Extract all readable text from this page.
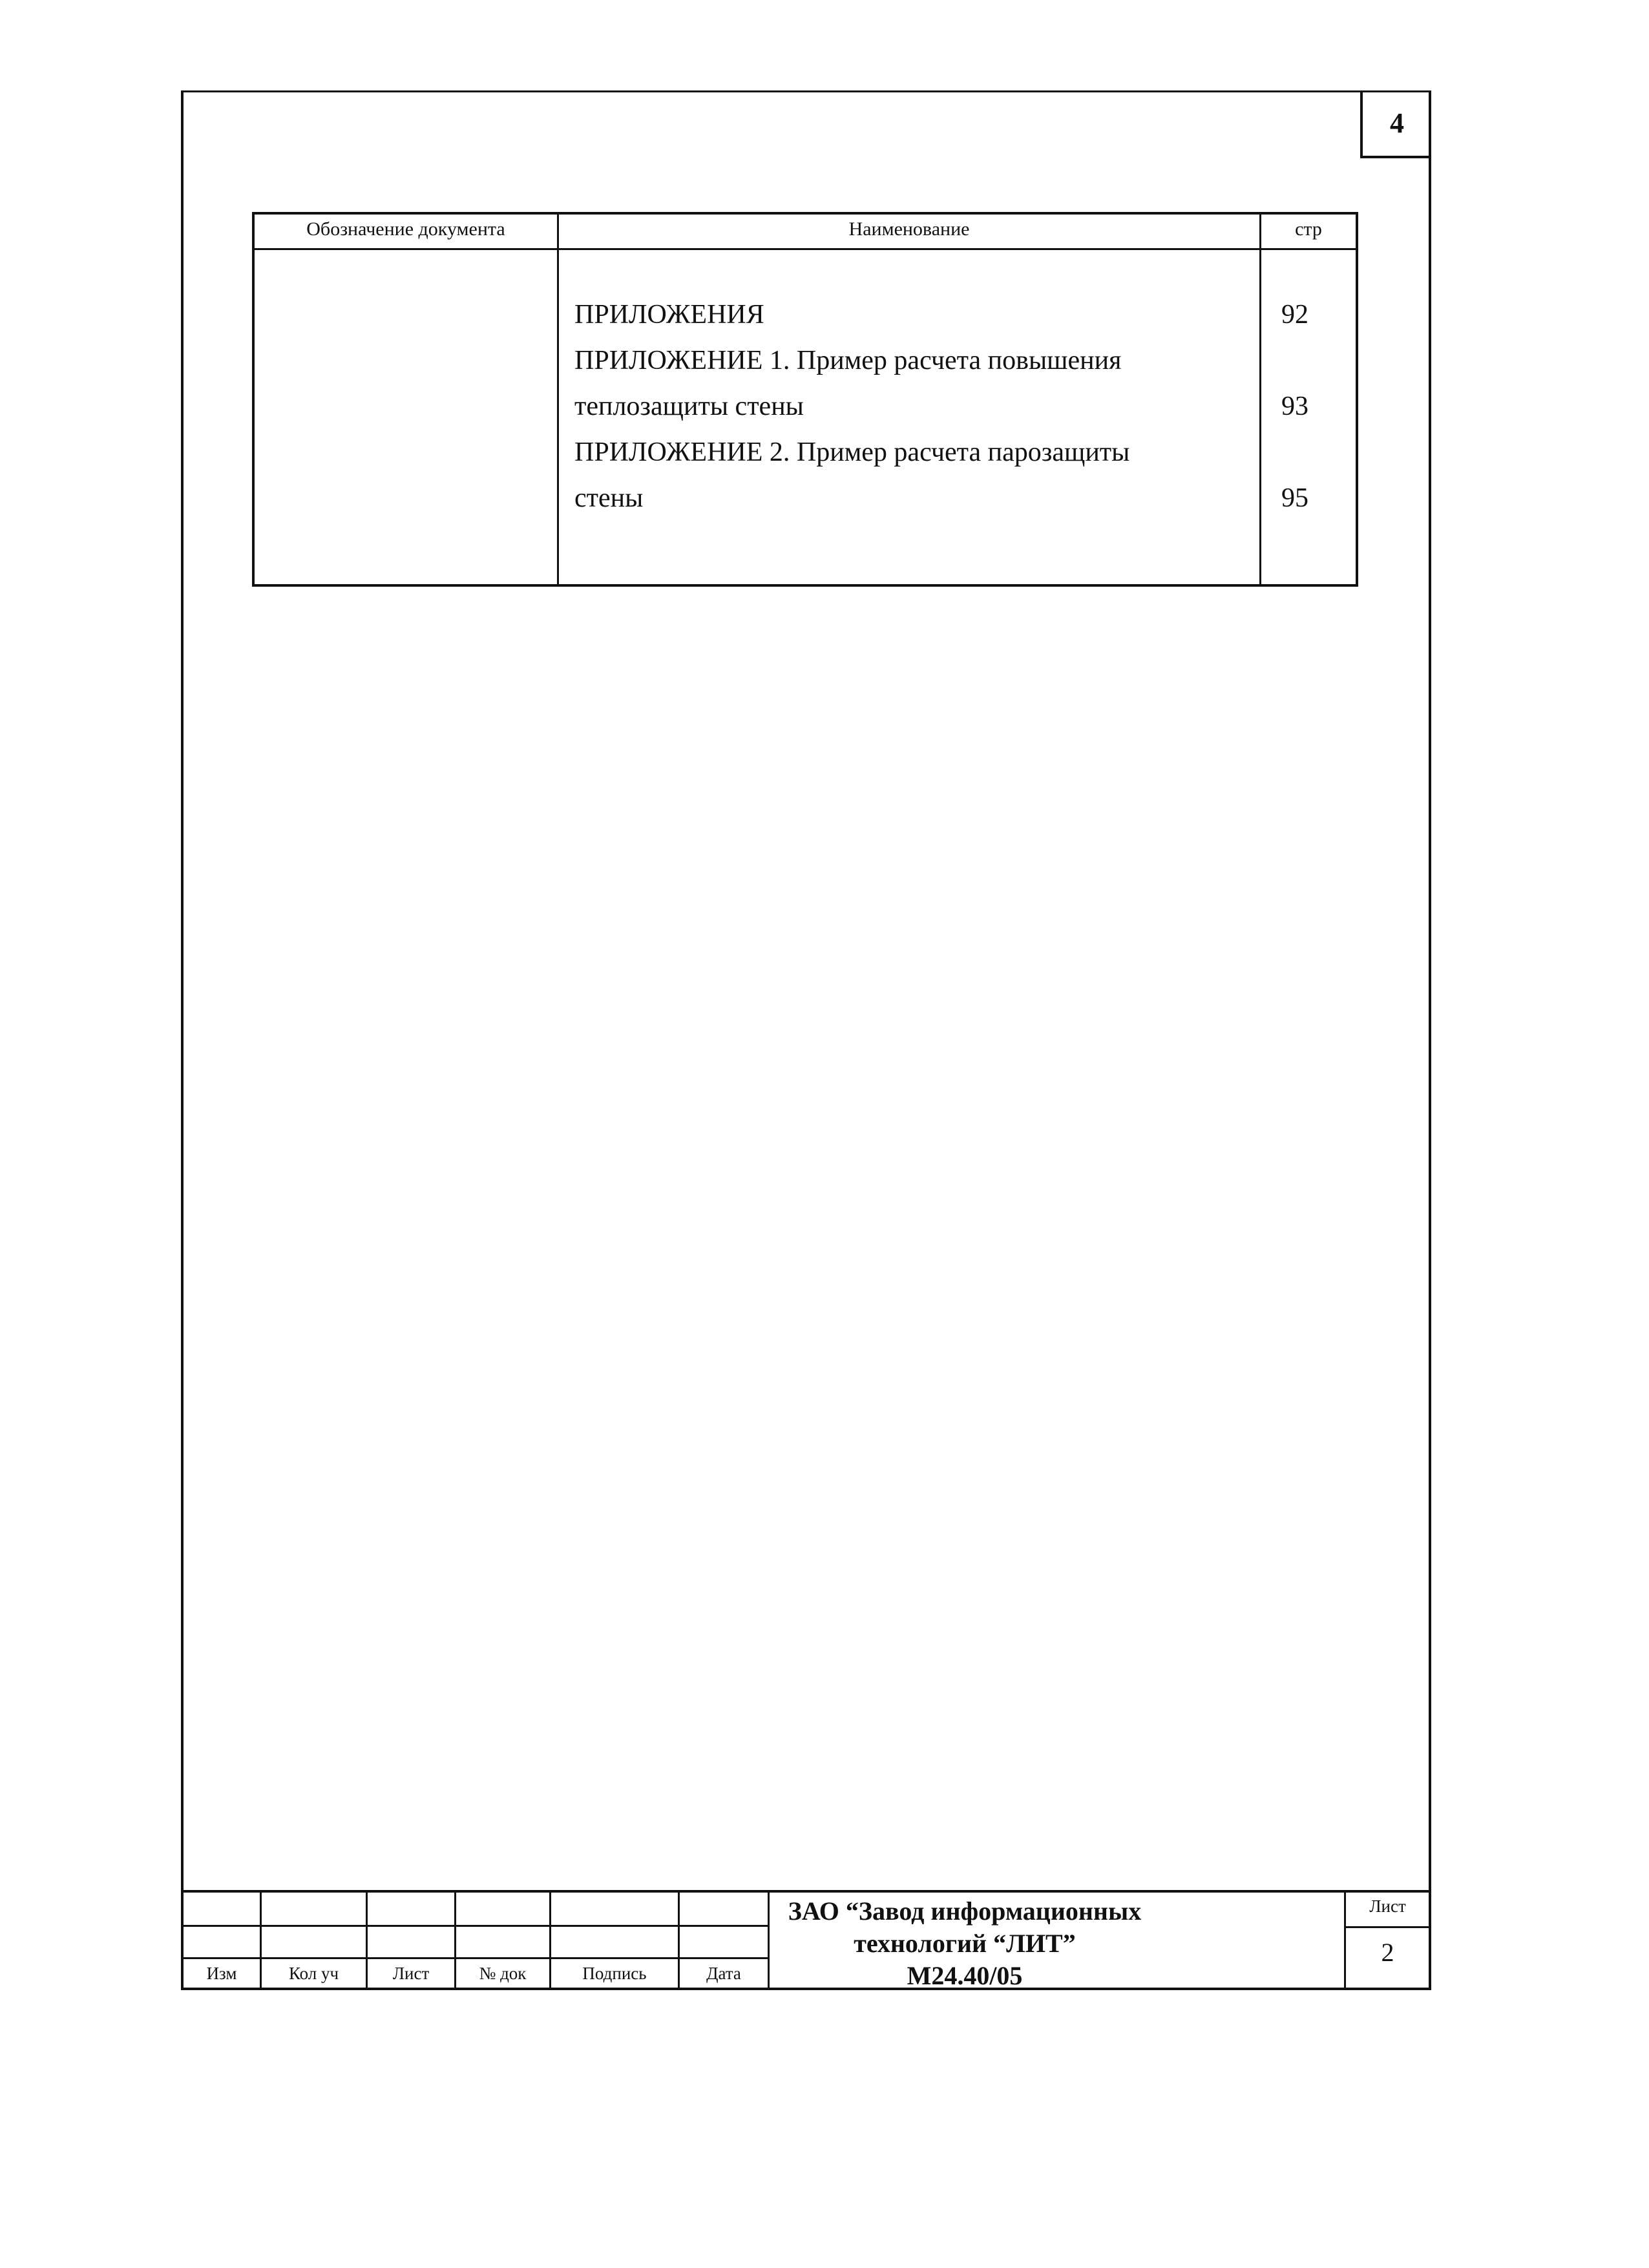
4
Обозначение документа	Наименование	стр
ПРИЛОЖЕНИЯ	92
ПРИЛОЖЕНИЕ 1. Пример расчета повышения
теплозащиты стены	93
ПРИЛОЖЕНИЕ 2. Пример расчета парозащиты
стены	95
Изм	Кол уч	Лист	№ док	Подпись	Дата
ЗАО “Завод информационных
технологий “ЛИТ”
М24.40/05
Лист
2
